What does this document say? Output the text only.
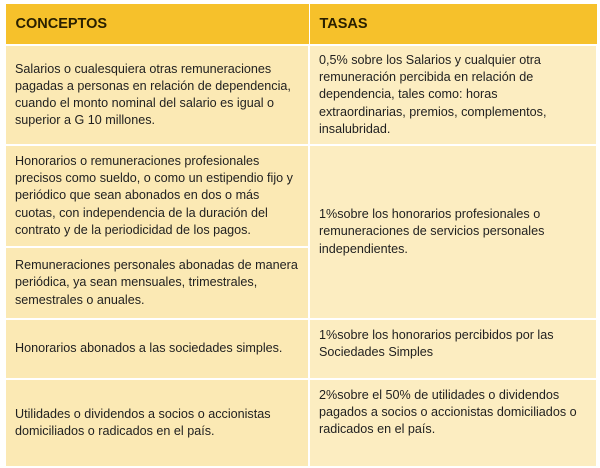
CONCEPTOS	TASAS

Salarios o cualesquiera otras remuneraciones pagadas a personas en relación de dependencia, cuando el monto nominal del salario es igual o superior a G 10 millones.	0,5% sobre los Salarios y cualquier otra remuneración percibida en relación de dependencia, tales como: horas extraordinarias, premios, complementos, insalubridad.

Honorarios o remuneraciones profesionales precisos como sueldo, o como un estipendio fijo y periódico que sean abonados en dos o más cuotas, con independencia de la duración del contrato y de la periodicidad de los pagos.	1%sobre los honorarios profesionales o remuneraciones de servicios personales independientes.

Remuneraciones personales abonadas de manera periódica, ya sean mensuales, trimestrales, semestrales o anuales.	

Honorarios abonados a las sociedades simples.	1%sobre los honorarios percibidos por las Sociedades Simples

Utilidades o dividendos a socios o accionistas domiciliados o radicados en el país.	2%sobre el 50% de utilidades o dividendos pagados a socios o accionistas domiciliados o radicados en el país.
